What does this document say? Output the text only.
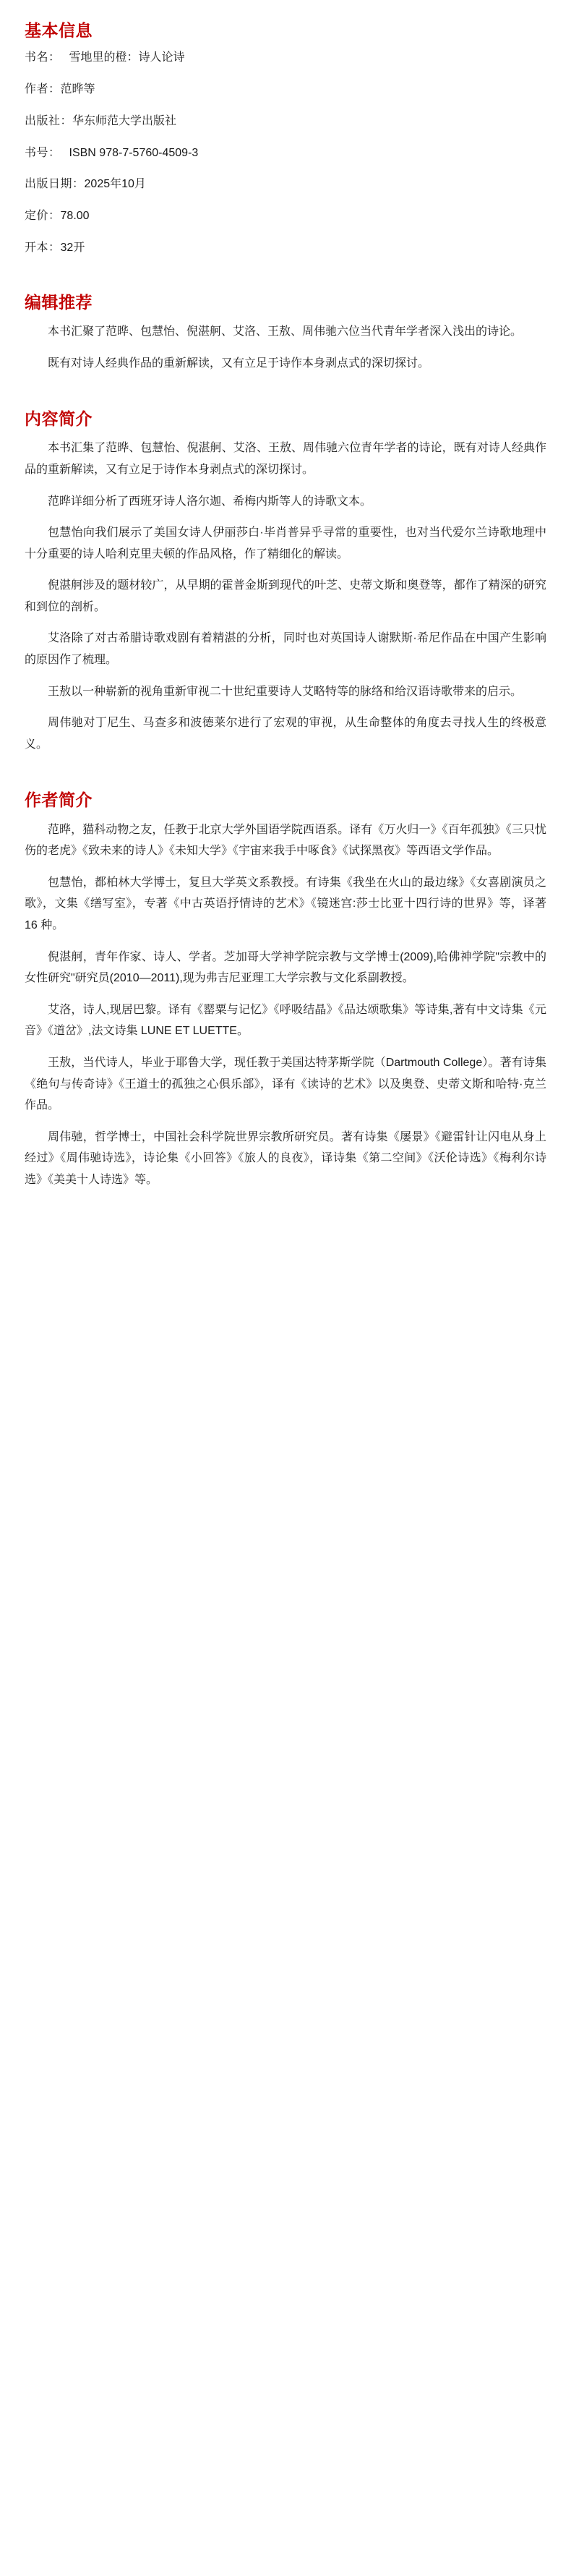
基本信息

书名： 雪地里的橙：诗人论诗

作者：范晔等

出版社：华东师范大学出版社

书号： ISBN 978-7-5760-4509-3

出版日期：2025年10月

定价：78.00

开本：32开

编辑推荐

本书汇聚了范晔、包慧怡、倪湛舸、艾洛、王敖、周伟驰六位当代青年学者深入浅出的诗论。

既有对诗人经典作品的重新解读，又有立足于诗作本身剥点式的深切探讨。

内容简介

本书汇集了范晔、包慧怡、倪湛舸、艾洛、王敖、周伟驰六位青年学者的诗论，既有对诗人经典作品的重新解读，又有立足于诗作本身剥点式的深切探讨。

范晔详细分析了西班牙诗人洛尔迦、希梅内斯等人的诗歌文本。

包慧怡向我们展示了美国女诗人伊丽莎白·毕肖普异乎寻常的重要性，也对当代爱尔兰诗歌地理中十分重要的诗人哈利克里夫顿的作品风格，作了精细化的解读。

倪湛舸涉及的题材较广，从早期的霍普金斯到现代的叶芝、史蒂文斯和奥登等，都作了精深的研究和到位的剖析。

艾洛除了对古希腊诗歌戏剧有着精湛的分析，同时也对英国诗人谢默斯·希尼作品在中国产生影响的原因作了梳理。

王敖以一种崭新的视角重新审视二十世纪重要诗人艾略特等的脉络和给汉语诗歌带来的启示。

周伟驰对丁尼生、马查多和波德莱尔进行了宏观的审视，从生命整体的角度去寻找人生的终极意义。

作者简介

范晔，猫科动物之友，任教于北京大学外国语学院西语系。译有《万火归一》《百年孤独》《三只忧伤的老虎》《致未来的诗人》《未知大学》《宇宙来我手中啄食》《试探黑夜》等西语文学作品。

包慧怡，都柏林大学博士，复旦大学英文系教授。有诗集《我坐在火山的最边缘》《女喜剧演员之歌》，文集《缮写室》，专著《中古英语抒情诗的艺术》《镜迷宫:莎士比亚十四行诗的世界》等，译著 16 种。

倪湛舸，青年作家、诗人、学者。芝加哥大学神学院宗教与文学博士(2009),哈佛神学院"宗教中的女性研究"研究员(2010—2011),现为弗吉尼亚理工大学宗教与文化系副教授。

艾洛，诗人,现居巴黎。译有《罂粟与记忆》《呼吸结晶》《品达颂歌集》等诗集,著有中文诗集《元音》《道岔》,法文诗集 LUNE ET LUETTE。

王敖，当代诗人，毕业于耶鲁大学，现任教于美国达特茅斯学院（Dartmouth College）。著有诗集《绝句与传奇诗》《王道士的孤独之心俱乐部》，译有《读诗的艺术》以及奥登、史蒂文斯和哈特·克兰作品。

周伟驰，哲学博士，中国社会科学院世界宗教所研究员。著有诗集《屡景》《避雷针让闪电从身上经过》《周伟驰诗选》，诗论集《小回答》《旅人的良夜》，译诗集《第二空间》《沃伦诗选》《梅利尔诗选》《美美十人诗选》等。
